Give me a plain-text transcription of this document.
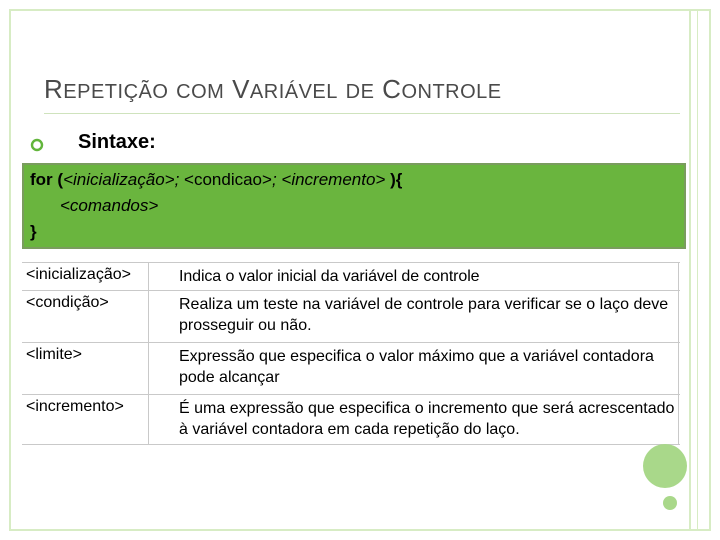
REPETIÇÃO COM VARIÁVEL DE CONTROLE
Sintaxe:
for (<inicialização>; <condicao>; <incremento> ){
<comandos>
}
<inicialização>	Indica o valor inicial da variável de controle
<condição>	Realiza um teste na variável de controle para verificar se o laço deve prosseguir ou não.
<limite>	Expressão que especifica o valor máximo que a variável contadora pode alcançar
<incremento>	É uma expressão que especifica o incremento que será acrescentado à variável contadora em cada repetição do laço.
